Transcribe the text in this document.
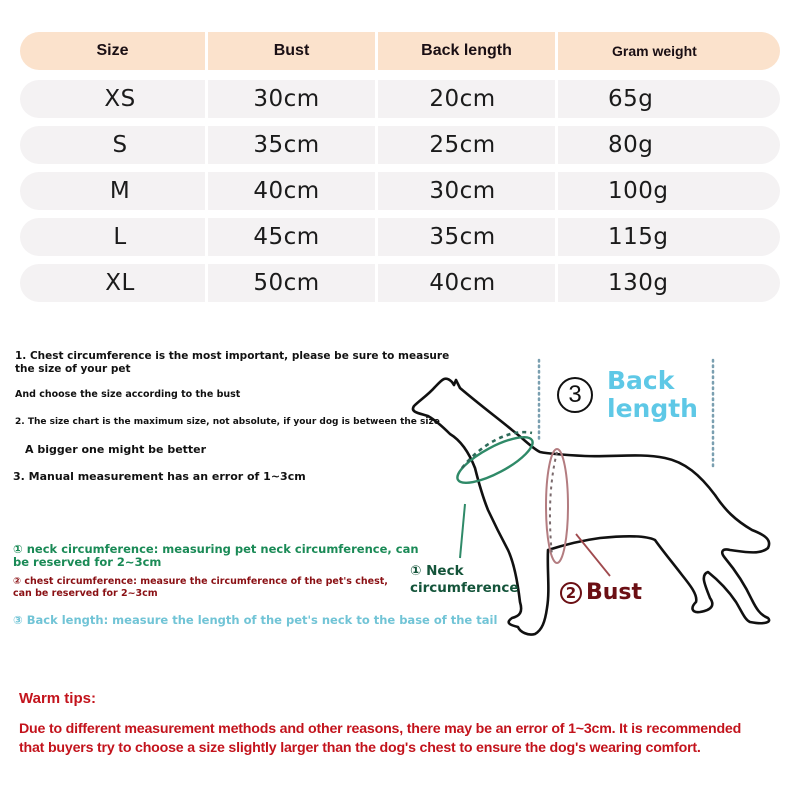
Size	Bust	Back length	Gram weight
XS	30cm	20cm	65g
S	35cm	25cm	80g
M	40cm	30cm	100g
L	45cm	35cm	115g
XL	50cm	40cm	130g
1. Chest circumference is the most important, please be sure to measure
the size of your pet
And choose the size according to the bust
2. The size chart is the maximum size, not absolute, if your dog is between the size
A bigger one might be better
3. Manual measurement has an error of 1~3cm
① neck circumference: measuring pet neck circumference, can
be reserved for 2~3cm
② chest circumference: measure the circumference of the pet's chest,
can be reserved for 2~3cm
③ Back length: measure the length of the pet's neck to the base of the tail
3	Back
length
① Neck
circumference	2 Bust
Warm tips:
Due to different measurement methods and other reasons, there may be an error of 1~3cm. It is recommended that buyers try to choose a size slightly larger than the dog's chest to ensure the dog's wearing comfort.
